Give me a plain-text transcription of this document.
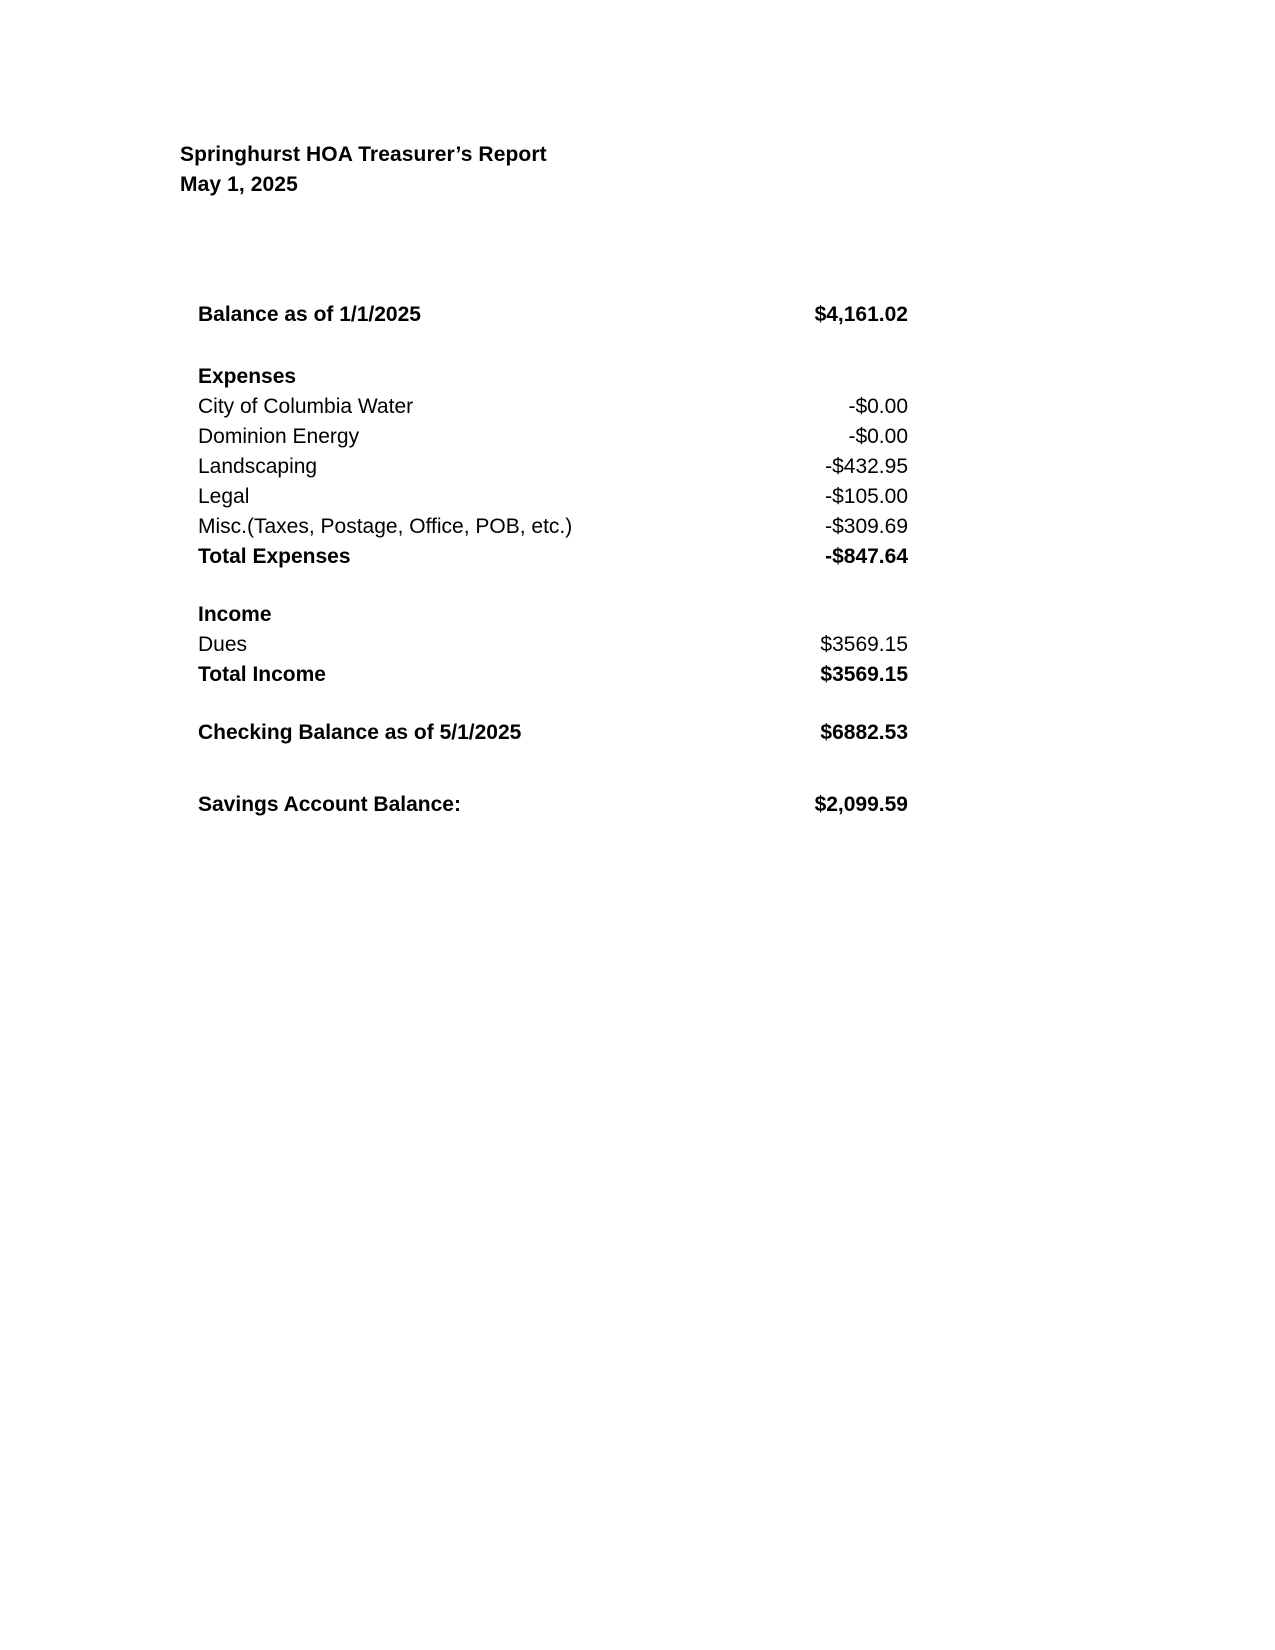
Springhurst HOA Treasurer’s Report
May 1, 2025
Balance as of 1/1/2025	$4,161.02
Expenses
City of Columbia Water	-$0.00
Dominion Energy	-$0.00
Landscaping	-$432.95
Legal	-$105.00
Misc.(Taxes, Postage, Office, POB, etc.)	-$309.69
Total Expenses	-$847.64
Income
Dues	$3569.15
Total Income	$3569.15
Checking Balance as of 5/1/2025	$6882.53
Savings Account Balance:	$2,099.59
